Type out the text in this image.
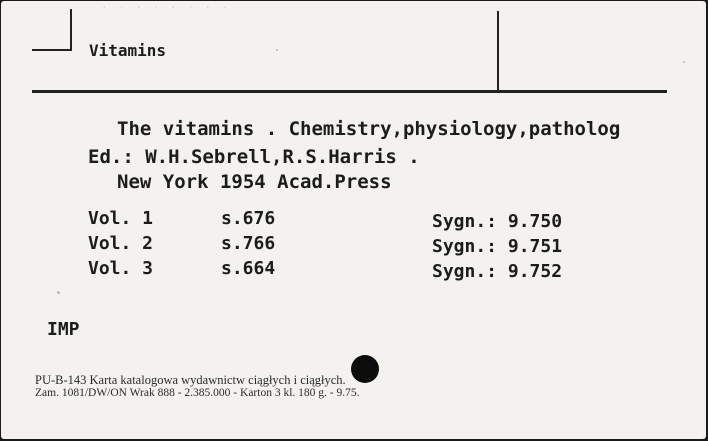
· · · · · · · ·
Vitamins
The vitamins . Chemistry,physiology,patholog
Ed.: W.H.Sebrell,R.S.Harris .
New York 1954 Acad.Press
Vol. 1	s.676	Sygn.: 9.750
Vol. 2	s.766	Sygn.: 9.751
Vol. 3	s.664	Sygn.: 9.752
IMP
PU-B-143 Karta katalogowa wydawnictw ciągłych i ciągłych.
Zam. 1081/DW/ON Wrak 888 - 2.385.000 - Karton 3 kl. 180 g. - 9.75.
